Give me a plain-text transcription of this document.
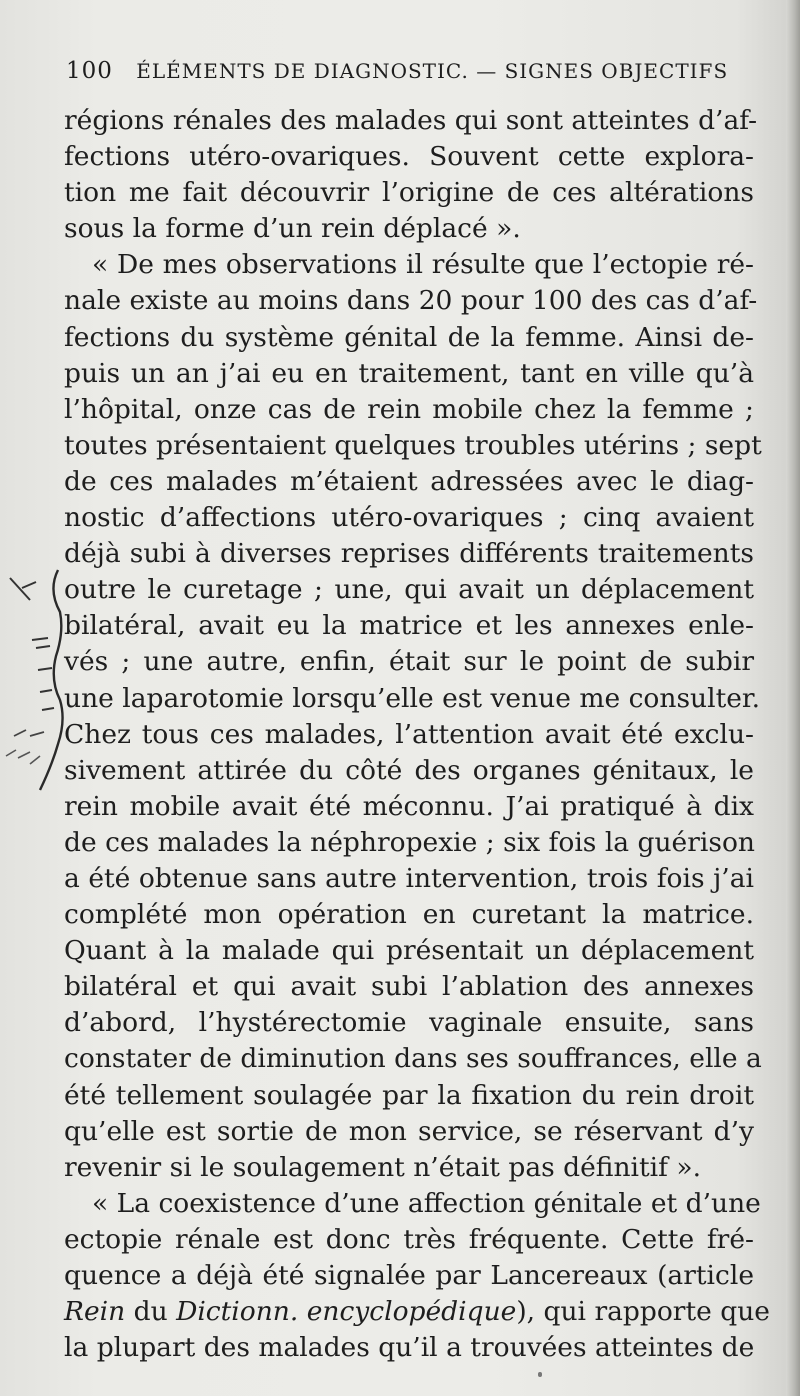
100 ÉLÉMENTS DE DIAGNOSTIC. — SIGNES OBJECTIFS
régions rénales des malades qui sont atteintes d’af-
fections utéro-ovariques. Souvent cette explora-
tion me fait découvrir l’origine de ces altérations
sous la forme d’un rein déplacé ».
« De mes observations il résulte que l’ectopie ré-
nale existe au moins dans 20 pour 100 des cas d’af-
fections du système génital de la femme. Ainsi de-
puis un an j’ai eu en traitement, tant en ville qu’à
l’hôpital, onze cas de rein mobile chez la femme ;
toutes présentaient quelques troubles utérins ; sept
de ces malades m’étaient adressées avec le diag-
nostic d’affections utéro-ovariques ; cinq avaient
déjà subi à diverses reprises différents traitements
outre le curetage ; une, qui avait un déplacement
bilatéral, avait eu la matrice et les annexes enle-
vés ; une autre, enfin, était sur le point de subir
une laparotomie lorsqu’elle est venue me consulter.
Chez tous ces malades, l’attention avait été exclu-
sivement attirée du côté des organes génitaux, le
rein mobile avait été méconnu. J’ai pratiqué à dix
de ces malades la néphropexie ; six fois la guérison
a été obtenue sans autre intervention, trois fois j’ai
complété mon opération en curetant la matrice.
Quant à la malade qui présentait un déplacement
bilatéral et qui avait subi l’ablation des annexes
d’abord, l’hystérectomie vaginale ensuite, sans
constater de diminution dans ses souffrances, elle a
été tellement soulagée par la fixation du rein droit
qu’elle est sortie de mon service, se réservant d’y
revenir si le soulagement n’était pas définitif ».
« La coexistence d’une affection génitale et d’une
ectopie rénale est donc très fréquente. Cette fré-
quence a déjà été signalée par Lancereaux (article
Rein du Dictionn. encyclopédique), qui rapporte que
la plupart des malades qu’il a trouvées atteintes de
